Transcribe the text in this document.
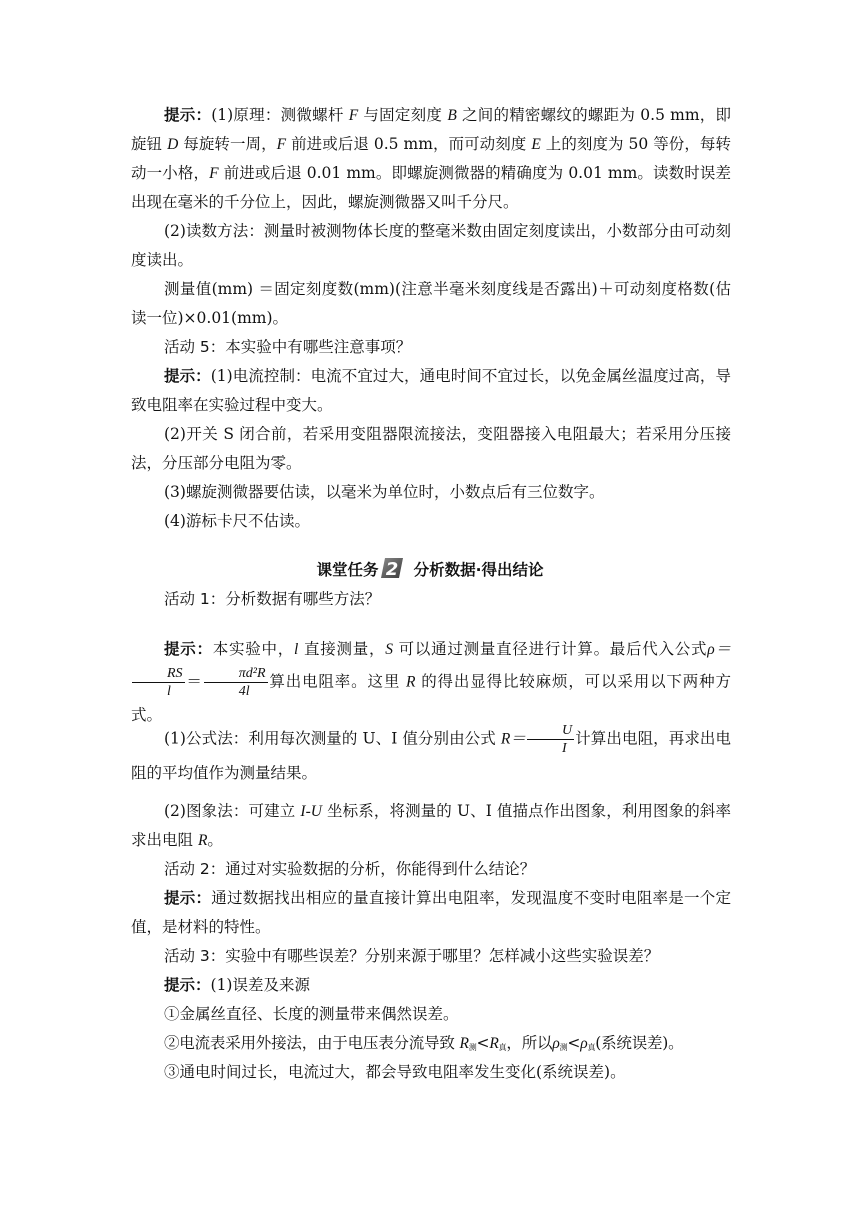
提示：(1)原理：测微螺杆 F 与固定刻度 B 之间的精密螺纹的螺距为 0.5 mm，即旋钮 D 每旋转一周，F 前进或后退 0.5 mm，而可动刻度 E 上的刻度为 50 等份，每转动一小格，F 前进或后退 0.01 mm。即螺旋测微器的精确度为 0.01 mm。读数时误差出现在毫米的千分位上，因此，螺旋测微器又叫千分尺。
(2)读数方法：测量时被测物体长度的整毫米数由固定刻度读出，小数部分由可动刻度读出。
测量值(mm) ＝固定刻度数(mm)(注意半毫米刻度线是否露出)＋可动刻度格数(估读一位)×0.01(mm)。
活动 5：本实验中有哪些注意事项？
提示：(1)电流控制：电流不宜过大，通电时间不宜过长，以免金属丝温度过高，导致电阻率在实验过程中变大。
(2)开关 S 闭合前，若采用变阻器限流接法，变阻器接入电阻最大；若采用分压接法，分压部分电阻为零。
(3)螺旋测微器要估读，以毫米为单位时，小数点后有三位数字。
(4)游标卡尺不估读。
课堂任务 2 分析数据·得出结论
活动 1：分析数据有哪些方法？
提示：本实验中，l 直接测量，S 可以通过测量直径进行计算。最后代入公式ρ＝
$\frac{RS}{l} = \frac{\text{πd²R}}{4l}$ 算出电阻率。这里 R 的得出显得比较麻烦，可以采用以下两种方式。
(1)公式法：利用每次测量的 U、I 值分别由公式 $R= \frac{U}{I}$ 计算出电阻，再求出电阻的平均值作为测量结果。
(2)图象法：可建立 I-U 坐标系，将测量的 U、I 值描点作出图象，利用图象的斜率求出电阻 R。
活动 2：通过对实验数据的分析，你能得到什么结论？
提示：通过数据找出相应的量直接计算出电阻率，发现温度不变时电阻率是一个定值，是材料的特性。
活动 3：实验中有哪些误差？分别来源于哪里？怎样减小这些实验误差？
提示：(1)误差及来源
①金属丝直径、长度的测量带来偶然误差。
②电流表采用外接法，由于电压表分流导致 $R_测<R_真$，所以$\rho_测<\rho_真$(系统误差)。
③通电时间过长，电流过大，都会导致电阻率发生变化(系统误差)。
